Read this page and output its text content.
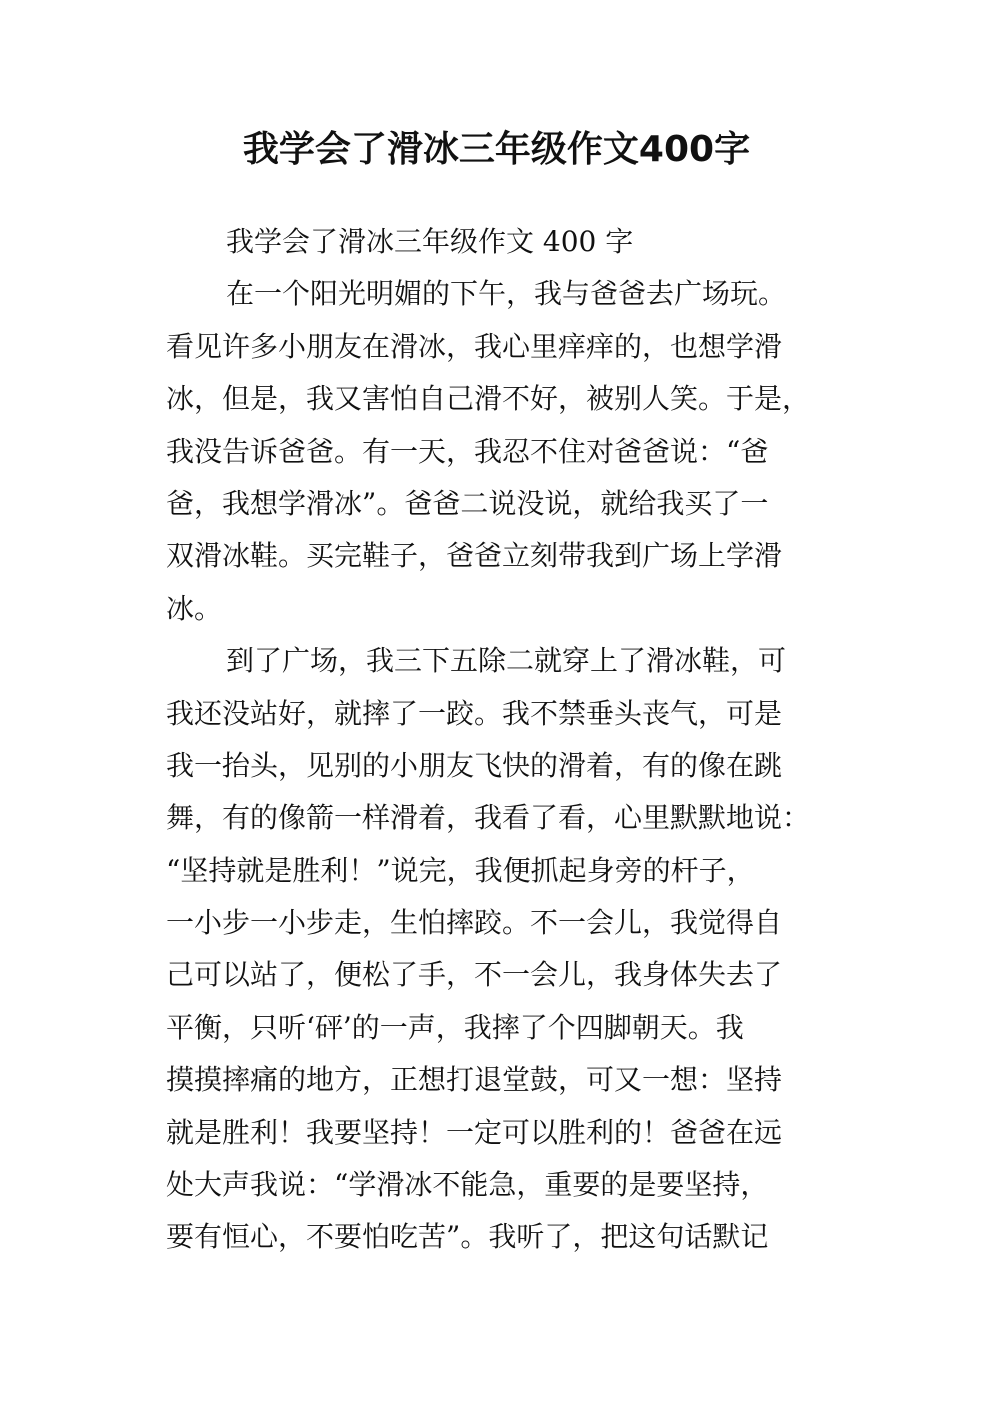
我学会了滑冰三年级作文400字
我学会了滑冰三年级作文 400 字
在一个阳光明媚的下午，我与爸爸去广场玩。
看见许多小朋友在滑冰，我心里痒痒的，也想学滑
冰，但是，我又害怕自己滑不好，被别人笑。于是，
我没告诉爸爸。有一天，我忍不住对爸爸说：“爸
爸，我想学滑冰”。爸爸二说没说，就给我买了一
双滑冰鞋。买完鞋子，爸爸立刻带我到广场上学滑
冰。
到了广场，我三下五除二就穿上了滑冰鞋，可
我还没站好，就摔了一跤。我不禁垂头丧气，可是
我一抬头，见别的小朋友飞快的滑着，有的像在跳
舞，有的像箭一样滑着，我看了看，心里默默地说：
“坚持就是胜利！”说完，我便抓起身旁的杆子，
一小步一小步走，生怕摔跤。不一会儿，我觉得自
己可以站了，便松了手，不一会儿，我身体失去了
平衡，只听‘砰’的一声，我摔了个四脚朝天。我
摸摸摔痛的地方，正想打退堂鼓，可又一想：坚持
就是胜利！我要坚持！一定可以胜利的！爸爸在远
处大声我说：“学滑冰不能急，重要的是要坚持，
要有恒心，不要怕吃苦”。我听了，把这句话默记
